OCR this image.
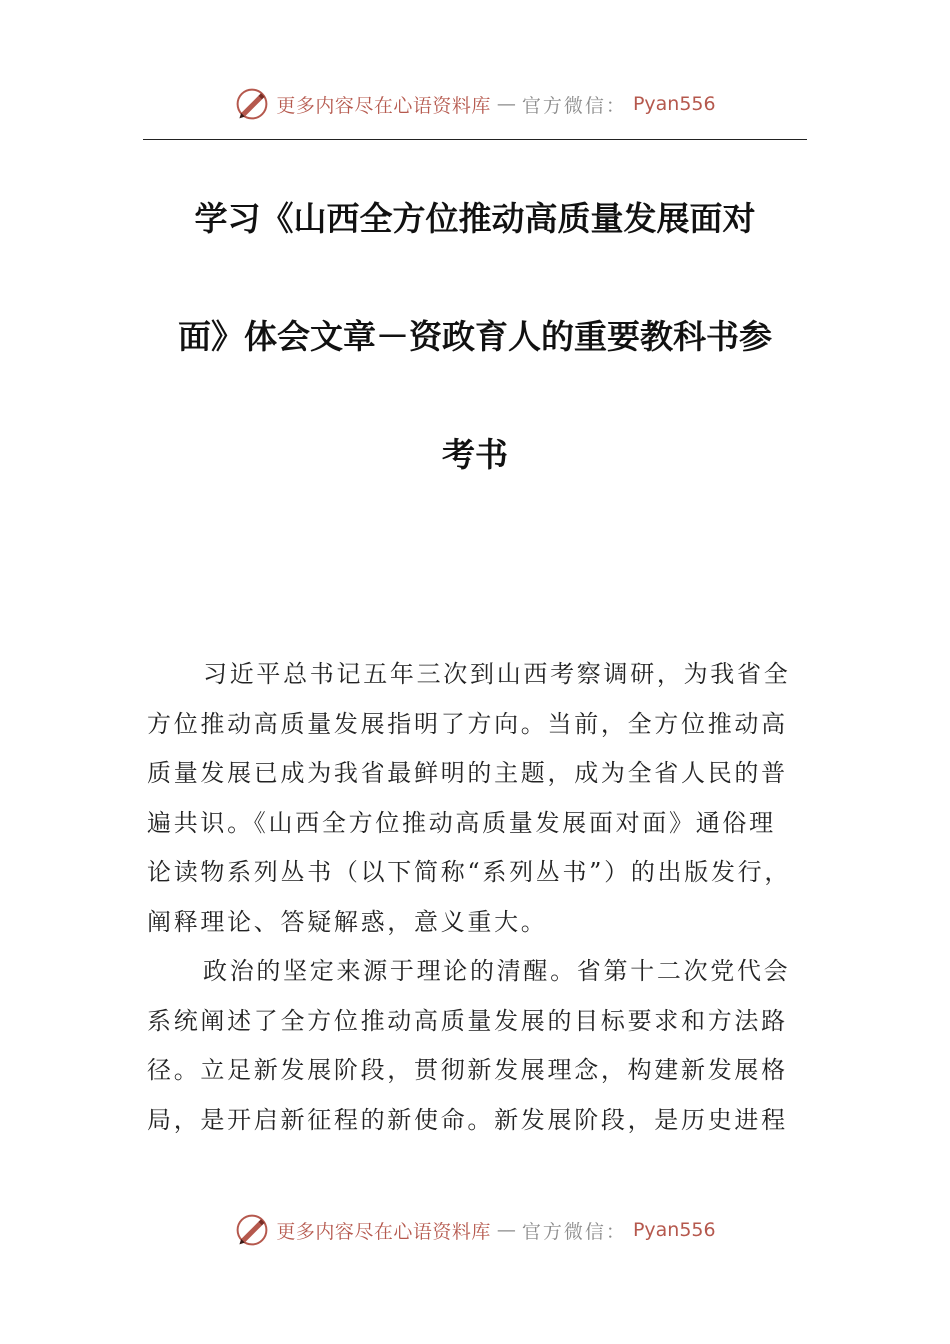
更多内容尽在心语资料库 — 官方微信： Pyan556
学习《山西全方位推动高质量发展面对
面》体会文章－资政育人的重要教科书参
考书
习近平总书记五年三次到山西考察调研，为我省全
方位推动高质量发展指明了方向。当前，全方位推动高
质量发展已成为我省最鲜明的主题，成为全省人民的普
遍共识。《山西全方位推动高质量发展面对面》通俗理
论读物系列丛书（以下简称“系列丛书”）的出版发行，
阐释理论、答疑解惑，意义重大。
政治的坚定来源于理论的清醒。省第十二次党代会
系统阐述了全方位推动高质量发展的目标要求和方法路
径。立足新发展阶段，贯彻新发展理念，构建新发展格
局，是开启新征程的新使命。新发展阶段，是历史进程
更多内容尽在心语资料库 — 官方微信： Pyan556
